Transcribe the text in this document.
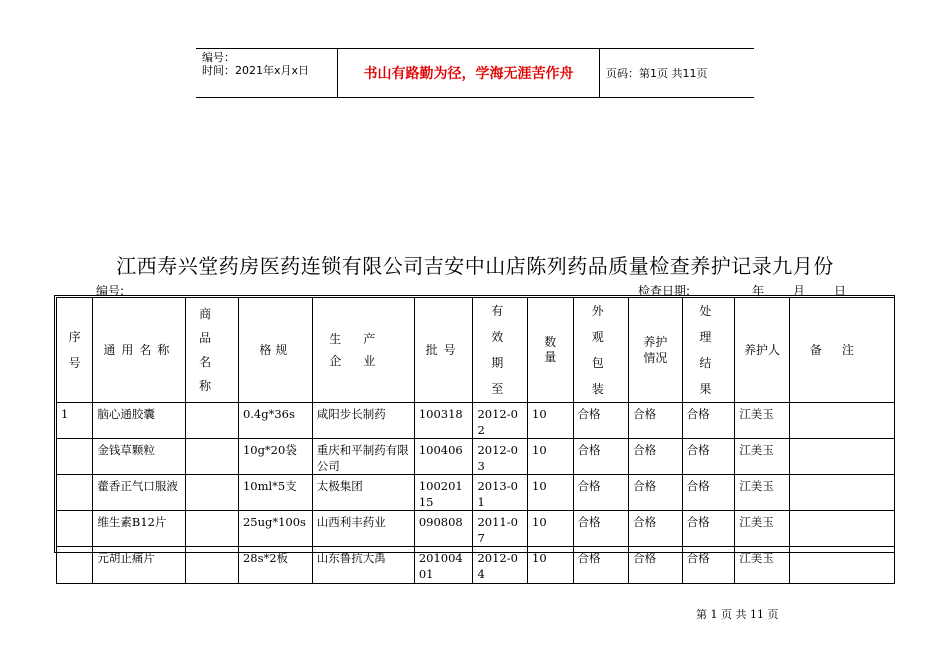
编号：
时间：2021年x月x日	书山有路勤为径，学海无涯苦作舟	页码：第1页 共11页
江西寿兴堂药房医药连锁有限公司吉安中山店陈列药品质量检查养护记录九月份
编号:	检查日期:	年 月 日
序号	通用名称	商品名称	格规	生产企业	批号	有效期至	数量	外观包装	养护情况	处理结果	养护人	备注
1	脑心通胶囊		0.4g*36s	咸阳步长制药	100318	2012-02	10	合格	合格	合格	江美玉	
	金钱草颗粒		10g*20袋	重庆和平制药有限公司	100406	2012-03	10	合格	合格	合格	江美玉	
	藿香正气口服液		10ml*5支	太极集团	10020115	2013-01	10	合格	合格	合格	江美玉	
	维生素B12片		25ug*100s	山西利丰药业	090808	2011-07	10	合格	合格	合格	江美玉	
	元胡止痛片		28s*2板	山东鲁抗大禹	20100401	2012-04	10	合格	合格	合格	江美玉	
第 1 页 共 11 页
